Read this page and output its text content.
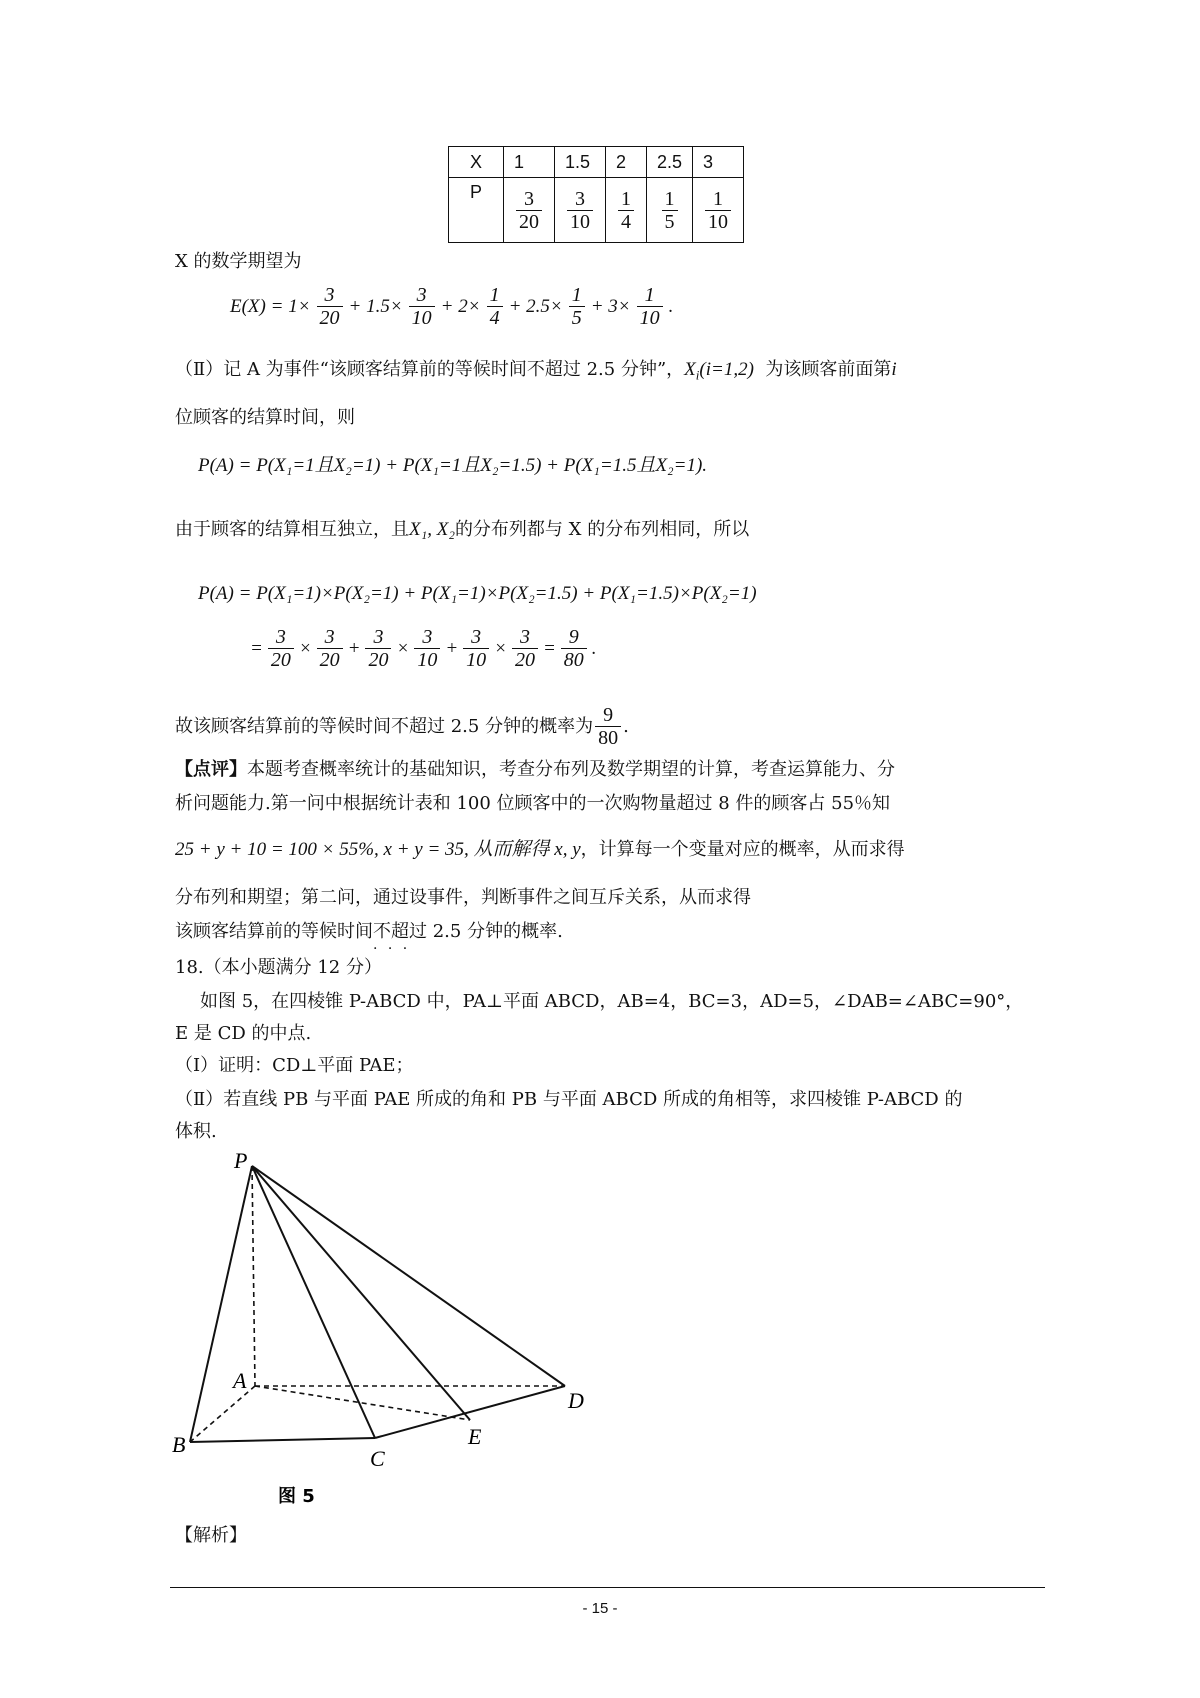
X	1	1.5	2	2.5	3
P	$\frac{3}{20}$	$\frac{3}{10}$	$\frac{1}{4}$	$\frac{1}{5}$	$\frac{1}{10}$
X 的数学期望为
$E(X) = 1\times \frac{3}{20} + 1.5\times \frac{3}{10} + 2\times \frac{1}{4} + 2.5\times \frac{1}{5} + 3\times \frac{1}{10}$ .
（Ⅱ）记 A 为事件“该顾客结算前的等候时间不超过 2.5 分钟”，$X_i(i=1,2)$ 为该顾客前面第i
位顾客的结算时间，则
P(A) = P(X₁=1且X₂=1) + P(X₁=1且X₂=1.5) + P(X₁=1.5且X₂=1).
由于顾客的结算相互独立，且X₁, X₂的分布列都与 X 的分布列相同，所以
P(A) = P(X₁=1)×P(X₂=1) + P(X₁=1)×P(X₂=1.5) + P(X₁=1.5)×P(X₂=1)
= $\frac{3}{20} \times \frac{3}{20} + \frac{3}{20} \times \frac{3}{10} + \frac{3}{10} \times \frac{3}{20} = \frac{9}{80}$ .
故该顾客结算前的等候时间不超过 2.5 分钟的概率为 $\frac{9}{80}$ .
【点评】本题考查概率统计的基础知识，考查分布列及数学期望的计算，考查运算能力、分
析问题能力.第一问中根据统计表和 100 位顾客中的一次购物量超过 8 件的顾客占 55％知
25 + y + 10 = 100 × 55%, x + y = 35, 从而解得 x, y，计算每一个变量对应的概率，从而求得
分布列和期望；第二问，通过设事件，判断事件之间互斥关系，从而求得
该顾客结算前的等候时间不超过 · · · 2.5 分钟的概率.
18.（本小题满分 12 分）
如图 5，在四棱锥 P-ABCD 中，PA⊥平面 ABCD，AB=4，BC=3，AD=5，∠DAB=∠ABC=90°，
E 是 CD 的中点.
（Ⅰ）证明：CD⊥平面 PAE；
（Ⅱ）若直线 PB 与平面 PAE 所成的角和 PB 与平面 ABCD 所成的角相等，求四棱锥 P-ABCD 的
体积.
P
A
B
C
D
E
图 5
【解析】
- 15 -
